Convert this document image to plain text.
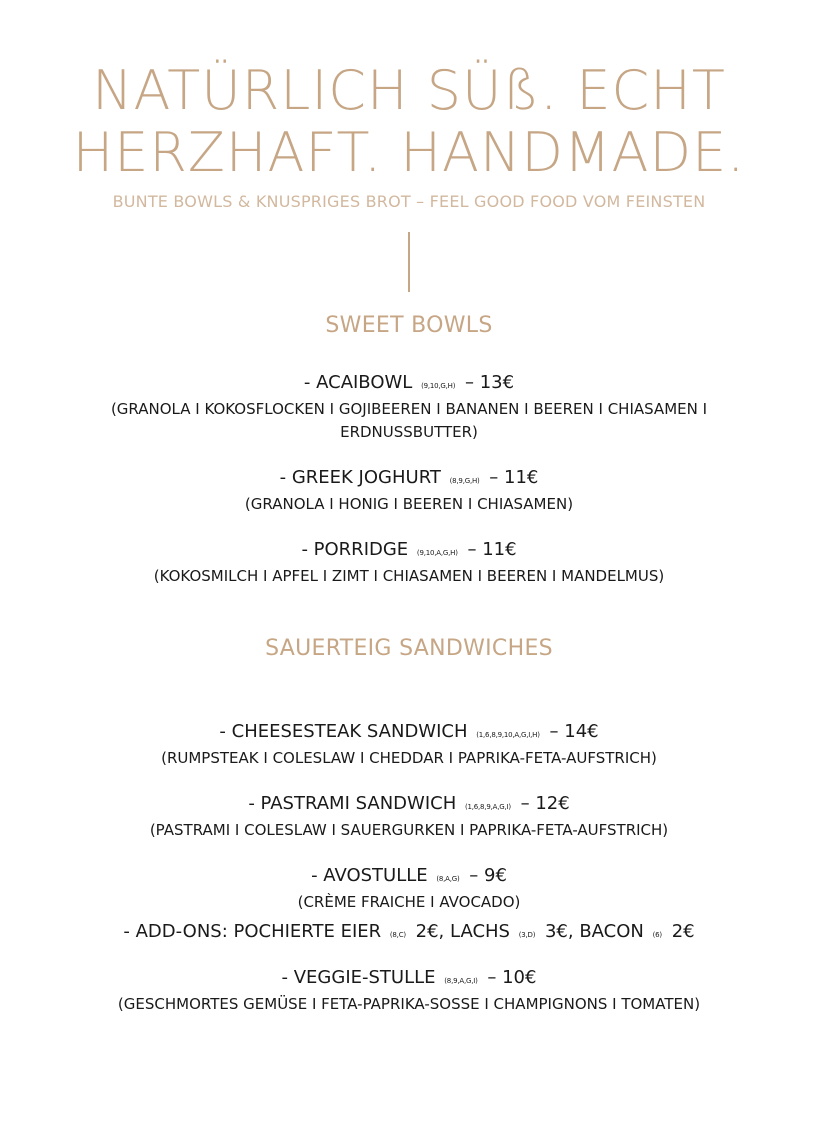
NATÜRLICH SÜß. ECHT
HERZHAFT. HANDMADE.
BUNTE BOWLS & KNUSPRIGES BROT – FEEL GOOD FOOD VOM FEINSTEN
SWEET BOWLS
- ACAIBOWL (9,10,G,H) – 13€
(GRANOLA I KOKOSFLOCKEN I GOJIBEEREN I BANANEN I BEEREN I CHIASAMEN I ERDNUSSBUTTER)
- GREEK JOGHURT (8,9,G,H) – 11€
(GRANOLA I HONIG I BEEREN I CHIASAMEN)
- PORRIDGE (9,10,A,G,H) – 11€
(KOKOSMILCH I APFEL I ZIMT I CHIASAMEN I BEEREN I MANDELMUS)
SAUERTEIG SANDWICHES
- CHEESESTEAK SANDWICH (1,6,8,9,10,A,G,I,H) – 14€
(RUMPSTEAK I COLESLAW I CHEDDAR I PAPRIKA-FETA-AUFSTRICH)
- PASTRAMI SANDWICH (1,6,8,9,A,G,I) – 12€
(PASTRAMI I COLESLAW I SAUERGURKEN I PAPRIKA-FETA-AUFSTRICH)
- AVOSTULLE (8,A,G) – 9€
(CRÈME FRAICHE I AVOCADO)
- ADD-ONS: POCHIERTE EIER (8,C) 2€, LACHS (3,D) 3€, BACON (6) 2€
- VEGGIE-STULLE (8,9,A,G,I) – 10€
(GESCHMORTES GEMÜSE I FETA-PAPRIKA-SOSSE I CHAMPIGNONS I TOMATEN)
